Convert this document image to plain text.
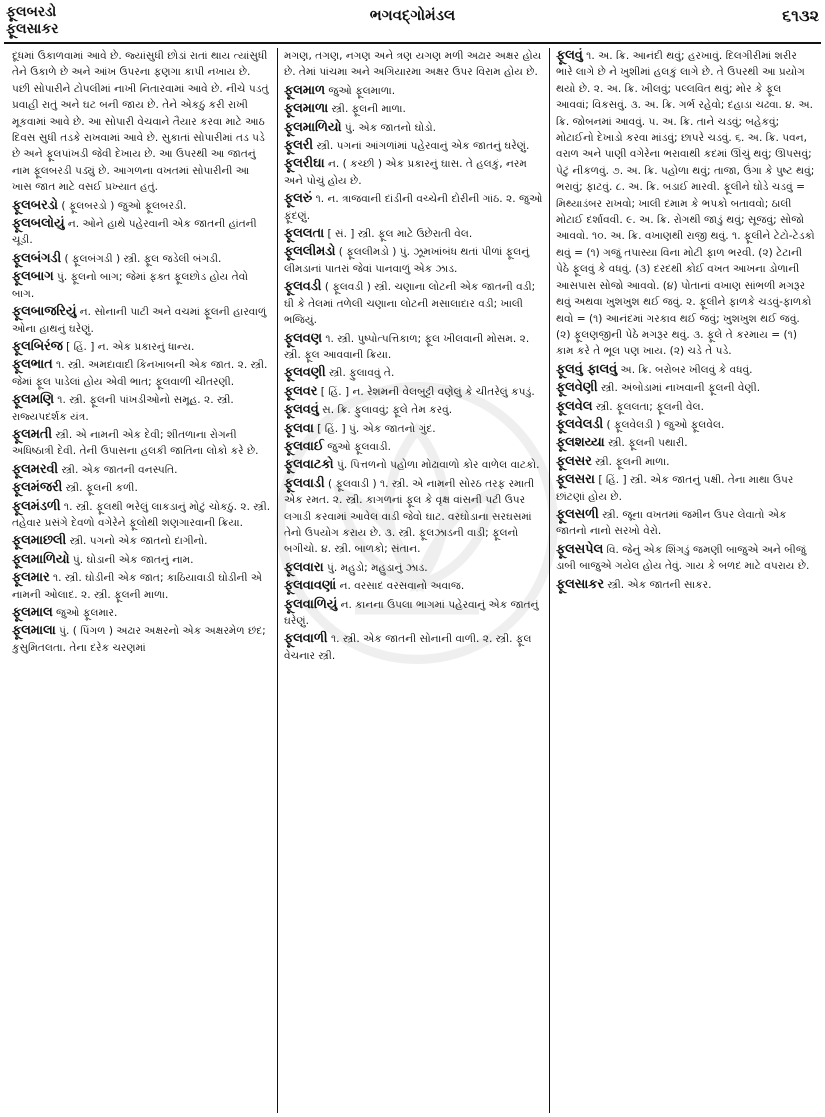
ફૂલબરડો
ફૂલસાકર
ભગવદ્ગોમંડલ	૬૧૩૨
દૂધમાં ઉકાળવામાં આવે છે. જ્યાંસુધી છોડાં રાતાં થાય ત્યાંસુધી તેને ઉકાળે છે અને આંખ ઉપરના ફણગા કાપી નખાય છે. પછી સોપારીને ટોપલીમાં નાખી નિતારવામાં આવે છે. નીચે પડતું પ્રવાહી રાતું અને ઘટ બની જાય છે. તેને એકઠું કરી રાખી મૂકવામાં આવે છે. આ સોપારી વેચવાને તૈયાર કરવા માટે આઠ દિવસ સુધી તડકે રાખવામાં આવે છે. સુકાતાં સોપારીમાં તડ પડે છે અને ફૂલપાંખડી જેવી દેખાય છે. આ ઉપરથી આ જાતનું નામ ફૂલબરડી પડ્યું છે. આગળના વખતમાં સોપારીની આ ખાસ જાત માટે વસઈ પ્રખ્યાત હતું.
ફૂલબરડો ( ફૂલબરડો ) જુઓ ફૂલબરડી.
ફૂલબલોયું ન. ઓને હાથે પહેરવાની એક જાતની હાંતની ચૂડી.
ફૂલબંગડી ( ફૂલબંગડી ) સ્ત્રી. ફૂલ જડેલી બંગડી.
ફૂલબાગ પું. ફૂલનો બાગ; જેમાં ફક્ત ફૂલછોડ હોય તેવો બાગ.
ફૂલબાજરિયું ન. સોનાની પાટી અને વચમાં ફૂલની હારવાળું ઓના હાથનું ઘરેણું.
ફૂલબિરંજ [ હિં. ] ન. એક પ્રકારનું ધાન્ય.
ફૂલભાત ૧. સ્ત્રી. અમદાવાદી કિનખાબની એક જાત. ૨. સ્ત્રી. જેમાં ફૂલ પાડેલાં હોય એવી ભાત; ફૂલવાળી ચીતરણી.
ફૂલમણિ ૧. સ્ત્રી. ફૂલની પાંખડીઓનો સમૂહ. ૨. સ્ત્રી. રાજ્યપદર્શક યંત્ર.
ફૂલમતી સ્ત્રી. એ નામની એક દેવી; શીતળાના રોગની અધિષ્ઠાત્રી દેવી. તેની ઉપાસના હલકી જાતિના લોકો કરે છે.
ફૂલમરવી સ્ત્રી. એક જાતની વનસ્પતિ.
ફૂલમંજરી સ્ત્રી. ફૂલની કળી.
ફૂલમંડળી ૧. સ્ત્રી. ફૂલથી ભરેલું લાકડાનું મોટું ચોકઠું. ૨. સ્ત્રી. તહેવાર પ્રસંગે દેવળો વગેરેને ફૂલોથી શણગારવાની ક્રિયા.
ફૂલમાછલી સ્ત્રી. પગનો એક જાતનો દાગીનો.
ફૂલમાળિયો પું. ઘોડાની એક જાતનું નામ.
ફૂલમાર ૧. સ્ત્રી. ઘોડીની એક જાત; કાઠિયાવાડી ઘોડીની એ નામની ઓલાદ. ૨. સ્ત્રી. ફૂલની માળા.
ફૂલમાલ જુઓ ફૂલમાર.
ફૂલમાલા પું. ( પિંગળ ) અઢાર અક્ષરનો એક અક્ષરમેળ છંદ; કુસુમિતલતા. તેના દરેક ચરણમાં
મગણ, તગણ, નગણ અને ત્રણ યગણ મળી અઢાર અક્ષર હોય છે. તેમાં પાંચમા અને અગિયારમા અક્ષર ઉપર વિરામ હોય છે.
ફૂલમાળ જુઓ ફૂલમાળા.
ફૂલમાળા સ્ત્રી. ફૂલની માળા.
ફૂલમાળિયો પું. એક જાતનો ઘોડો.
ફૂલરી સ્ત્રી. પગનાં આંગળાંમાં પહેરવાનું એક જાતનું ઘરેણું.
ફૂલરીઘા ન. ( કચ્છી ) એક પ્રકારનું ઘાસ. તે હલકું, નરમ અને પોચું હોય છે.
ફૂલરું ૧. ન. ત્રાજવાની દાંડીની વચ્ચેની દોરીની ગાંઠ. ૨. જુઓ ફૂંદણું.
ફૂલલતા [ સં. ] સ્ત્રી. ફૂલ માટે ઉછેરાતી વેલ.
ફૂલલીમડો ( ફૂલલીમડો ) પું. ઝૂમખાંબંધ થતાં પીળાં ફૂલનું લીમડાનાં પાતરાં જેવાં પાનવાળું એક ઝાડ.
ફૂલવડી ( ફૂલવડી ) સ્ત્રી. ચણાના લોટની એક જાતની વડી; ઘી કે તેલમાં તળેલી ચણાના લોટની મસાલાદાર વડી; ખાલી ભજિયું.
ફૂલવણ ૧. સ્ત્રી. પુષ્પોત્પત્તિકાળ; ફૂલ ખીલવાની મોસમ. ૨. સ્ત્રી. ફૂલ આવવાની ક્રિયા.
ફૂલવણી સ્ત્રી. ફુલાવવું તે.
ફૂલવર [ હિં. ] ન. રેશમની વેલબુટ્ટી વણેલું કે ચીતરેલું કપડું.
ફૂલવવું સ. ક્રિ. ફુલાવવું; ફૂલે તેમ કરવું.
ફૂલવા [ હિં. ] પું. એક જાતનો ગુંદ.
ફૂલવાઈ જુઓ ફૂલવાડી.
ફૂલવાટકો પું. પિત્તળનો પહોળા મોઢાવાળો કોર વાળેલ વાટકો.
ફૂલવાડી ( ફૂલવાડી ) ૧. સ્ત્રી. એ નામની સોરઠ તરફ રમાતી એક રમત. ૨. સ્ત્રી. કાગળનાં ફૂલ કે વૃક્ષ વાંસની પટી ઉપર લગાડી કરવામાં આવેલ વાડી જેવો ઘાટ. વરઘોડાના સરઘસમાં તેનો ઉપયોગ કરાય છે. ૩. સ્ત્રી. ફૂલઝાડની વાડી; ફૂલનો બગીચો. ૪. સ્ત્રી. બાળકો; સંતાન.
ફૂલવારા પું. મહુડો; મહુડાનું ઝાડ.
ફૂલવાવણાં ન. વરસાદ વરસવાનો અવાજ.
ફૂલવાળિયું ન. કાનના ઉપલા ભાગમાં પહેરવાનું એક જાતનું ઘરેણું.
ફૂલવાળી ૧. સ્ત્રી. એક જાતની સોનાની વાળી. ૨. સ્ત્રી. ફૂલ વેચનાર સ્ત્રી.
ફૂલવું ૧. અ. ક્રિ. આનંદી થવું; હરખાવું. દિલગીરીમાં શરીર ભારે લાગે છે ને ખુશીમાં હલકું લાગે છે. તે ઉપરથી આ પ્રયોગ થયો છે. ૨. અ. ક્રિ. ખીલવું; પલ્લવિત થવું; મોર કે ફૂલ આવવાં; વિકસવું. ૩. અ. ક્રિ. ગર્ભ રહેવો; દહાડા ચઢવા. ૪. અ. ક્રિ. જોબનમાં આવવું. ૫. અ. ક્રિ. તાને ચડવું; બહેકવું; મોટાઈનો દેખાડો કરવા માંડવું; છાપરે ચડવું. ૬. અ. ક્રિ. પવન, વરાળ અને પાણી વગેરેના ભરાવાથી કદમાં ઊંચું થવું; ઊપસવું; પેટું નીકળવું. ૭. અ. ક્રિ. પહોળા થવું; તાજા, ઉંગા કે પુષ્ટ થવું; ભરાવું; ફાટવું. ૮. અ. ક્રિ. બડાઈ મારવી. ફૂલીને ઘોડે ચડવું = મિથ્યાડંબર રાખવો; ખાલી દમામ કે ભપકો બતાવવો; ઠાલી મોટાઈ દર્શાવવી. ૯. અ. ક્રિ. રોગથી જાડું થવું; સૂજવું; સોજો આવવો. ૧૦. અ. ક્રિ. વખાણથી રાજી થવું. ૧. ફૂલીને ટેટો-ટેડકો થવું = (૧) ગજું તપાસ્યા વિના મોટી ફાળ ભરવી. (૨) ટેટાની પેઠે ફૂલવું કે વધવું. (૩) દરદથી કોઈ વખત આખના ડોળાની આસપાસ સોજો આવવો. (૪) પોતાનાં વખાણ સાંભળી મગરૂર થવું અથવા ખુશખુશ થઈ જવું. ૨. ફૂલીને ફાળકે ચડવું-ફાળકો થવો = (૧) આનંદમાં ગરકાવ થઈ જવું; ખુશખુશ થઈ જવું. (૨) ફૂલણજીની પેઠે મગરૂર થવું. ૩. ફૂલે તે કરમાય = (૧) કામ કરે તે ભૂલ પણ ખાય. (૨) ચડે તે પડે.
ફૂલવું ફાલવું અ. ક્રિ. બરોબર ખીલવું કે વધવું.
ફૂલવેણી સ્ત્રી. અંબોડામાં નાખવાની ફૂલની વેણી.
ફૂલવેલ સ્ત્રી. ફૂલલતા; ફૂલની વેલ.
ફૂલવેલડી ( ફૂલવેલડી ) જુઓ ફૂલવેલ.
ફૂલશય્યા સ્ત્રી. ફૂલની પથારી.
ફૂલસર સ્ત્રી. ફૂલની માળા.
ફૂલસરા [ હિં. ] સ્ત્રી. એક જાતનું પક્ષી. તેના માથા ઉપર છાંટણાં હોય છે.
ફૂલસળી સ્ત્રી. જૂના વખતમાં જમીન ઉપર લેવાતો એક જાતનો નાનો સરખો વેરો.
ફૂલસપેલ વિ. જેનું એક શિંગડું જમણી બાજુએ અને બીજું ડાબી બાજુએ ગયેલ હોય તેવું. ગાય કે બળદ માટે વપરાય છે.
ફૂલસાકર સ્ત્રી. એક જાતની સાકર.
